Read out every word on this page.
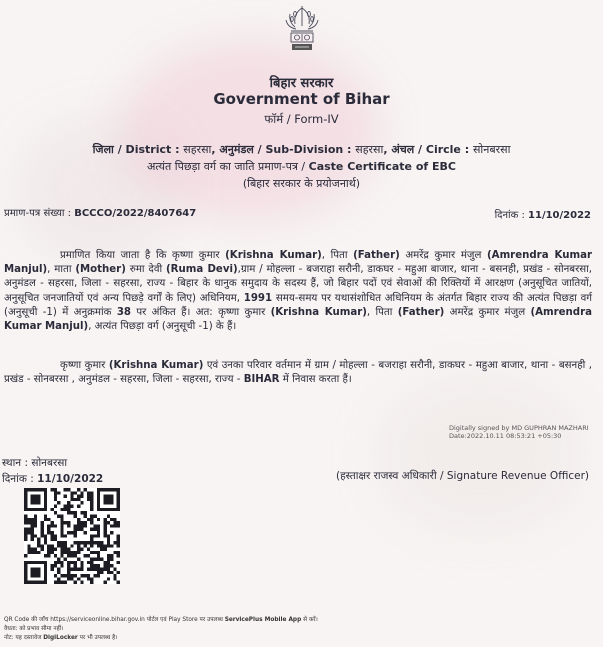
बिहार सरकार
Government of Bihar
फॉर्म / Form-IV
जिला / District : सहरसा, अनुमंडल / Sub-Division : सहरसा, अंचल / Circle : सोनबरसा
अत्यंत पिछड़ा वर्ग का जाति प्रमाण-पत्र / Caste Certificate of EBC
(बिहार सरकार के प्रयोजनार्थ)
प्रमाण-पत्र संख्या : BCCCO/2022/8407647	दिनांक : 11/10/2022
प्रमाणित किया जाता है कि कृष्णा कुमार (Krishna Kumar), पिता (Father) अमरेंद्र कुमार मंजुल (Amrendra Kumar Manjul), माता (Mother) रुमा देवी (Ruma Devi),ग्राम / मोहल्ला - बजराहा सरौनी, डाकघर - महुआ बाजार, थाना - बसनही, प्रखंड - सोनबरसा, अनुमंडल - सहरसा, जिला - सहरसा, राज्य - बिहार के धानुक समुदाय के सदस्य हैं, जो बिहार पदों एवं सेवाओं की रिक्तियों में आरक्षण (अनुसूचित जातियों, अनुसूचित जनजातियों एवं अन्य पिछड़े वर्गों के लिए) अधिनियम, 1991 समय-समय पर यथासंशोधित अधिनियम के अंतर्गत बिहार राज्य की अत्यंत पिछड़ा वर्ग (अनुसूची -1) में अनुक्रमांक 38 पर अंकित हैं। अत: कृष्णा कुमार (Krishna Kumar), पिता (Father) अमरेंद्र कुमार मंजुल (Amrendra Kumar Manjul), अत्यंत पिछड़ा वर्ग (अनुसूची -1) के हैं।
कृष्णा कुमार (Krishna Kumar) एवं उनका परिवार वर्तमान में ग्राम / मोहल्ला - बजराहा सरौनी, डाकघर - महुआ बाजार, थाना - बसनही , प्रखंड - सोनबरसा , अनुमंडल - सहरसा, जिला - सहरसा, राज्य - BIHAR में निवास करता हैं।
Digitally signed by MD GUPHRAN MAZHARI
Date:2022.10.11 08:53:21 +05:30
स्थान : सोनबरसा
दिनांक : 11/10/2022	(हस्ताक्षर राजस्व अधिकारी / Signature Revenue Officer)
QR Code की जाँच https://serviceonline.bihar.gov.in पोर्टल एवं Play Store पर उपलब्ध ServicePlus Mobile App से करें।
वैधता: को प्रभाव सीमा नहीं।
नोट: यह दस्तावेज DigiLocker पर भी उपलब्ध है।
